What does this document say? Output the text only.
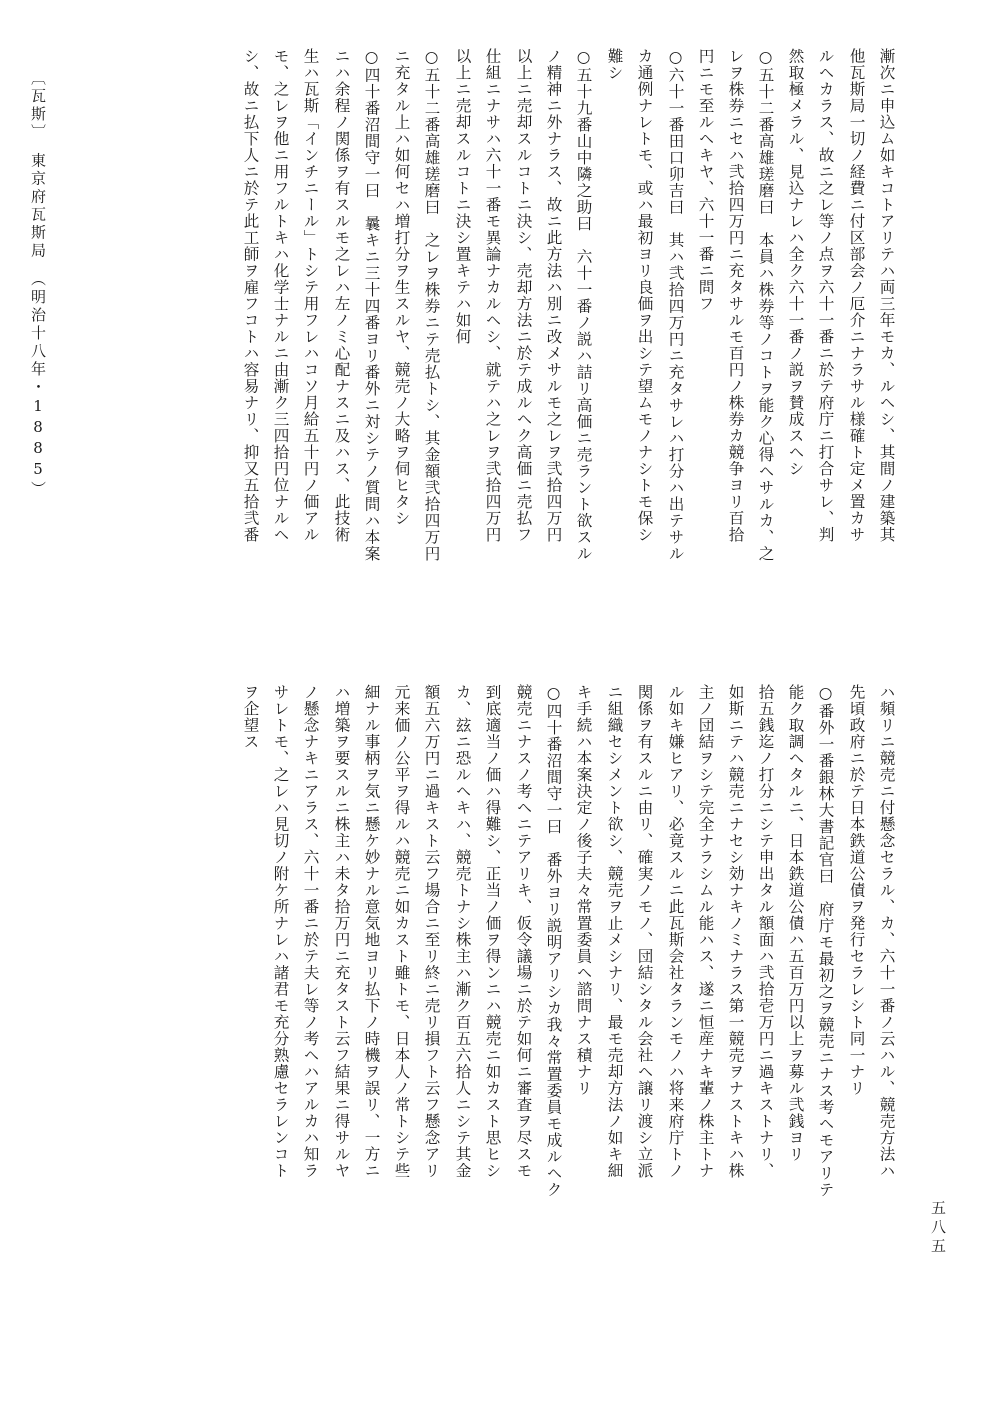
漸次ニ申込ム如キコトアリテハ両三年モカ、ルヘシ、其間ノ建築其
他瓦斯局一切ノ経費ニ付区部会ノ厄介ニナラサル様確ト定メ置カサ
ルヘカラス、故ニ之レ等ノ点ヲ六十一番ニ於テ府庁ニ打合サレ、判
然取極メラル、見込ナレハ全ク六十一番ノ説ヲ賛成スヘシ
○五十二番高雄瑳磨曰　本員ハ株券等ノコトヲ能ク心得ヘサルカ、之
レヲ株券ニセハ弐拾四万円ニ充タサルモ百円ノ株券カ競争ヨリ百拾
円ニモ至ルヘキヤ、六十一番ニ問フ
○六十一番田口卯吉曰　其ハ弐拾四万円ニ充タサレハ打分ハ出テサル
カ通例ナレトモ、或ハ最初ヨリ良価ヲ出シテ望ムモノナシトモ保シ
難シ
○五十九番山中隣之助曰　六十一番ノ説ハ詰リ高価ニ売ラント欲スル
ノ精神ニ外ナラス、故ニ此方法ハ別ニ改メサルモ之レヲ弐拾四万円
以上ニ売却スルコトニ決シ、売却方法ニ於テ成ルヘク高価ニ売払フ
仕組ニナサハ六十一番モ異論ナカルヘシ、就テハ之レヲ弐拾四万円
以上ニ売却スルコトニ決シ置キテハ如何
○五十二番高雄瑳磨曰　之レヲ株券ニテ売払トシ、其金額弐拾四万円
ニ充タル上ハ如何セハ増打分ヲ生スルヤ、競売ノ大略ヲ伺ヒタシ
○四十番沼間守一曰　曩キニ三十四番ヨリ番外ニ対シテノ質問ハ本案
ニハ余程ノ関係ヲ有スルモ之レハ左ノミ心配ナスニ及ハス、此技術
生ハ瓦斯「インチニール」トシテ用フレハコソ月給五十円ノ価アル
モ、之レヲ他ニ用フルトキハ化学士ナルニ由漸ク三四拾円位ナルヘ
シ、故ニ払下人ニ於テ此工師ヲ雇フコトハ容易ナリ、抑又五拾弐番
〔瓦斯〕　東京府瓦斯局　（明治十八年・1885）
ハ頻リニ競売ニ付懸念セラル、カ、六十一番ノ云ハル、競売方法ハ
先頃政府ニ於テ日本鉄道公債ヲ発行セラレシト同一ナリ
○番外一番銀林大書記官曰　府庁モ最初之ヲ競売ニナス考ヘモアリテ
能ク取調ヘタルニ、日本鉄道公債ハ五百万円以上ヲ募ル弐銭ヨリ
拾五銭迄ノ打分ニシテ申出タル額面ハ弐拾壱万円ニ過キストナリ、
如斯ニテハ競売ニナセシ効ナキノミナラス第一競売ヲナストキハ株
主ノ団結ヲシテ完全ナラシムル能ハス、遂ニ恒産ナキ輩ノ株主トナ
ル如キ嫌ヒアリ、必竟スルニ此瓦斯会社タランモノハ将来府庁トノ
関係ヲ有スルニ由リ、確実ノモノ、団結シタル会社ヘ譲リ渡シ立派
ニ組織セシメント欲シ、競売ヲ止メシナリ、最モ売却方法ノ如キ細
キ手続ハ本案決定ノ後子夫々常置委員ヘ諮問ナス積ナリ
○四十番沼間守一曰　番外ヨリ説明アリシカ我々常置委員モ成ルヘク
競売ニナスノ考ヘニテアリキ、仮令議場ニ於テ如何ニ審査ヲ尽スモ
到底適当ノ価ハ得難シ、正当ノ価ヲ得ンニハ競売ニ如カスト思ヒシ
カ、玆ニ恐ルヘキハ、競売トナシ株主ハ漸ク百五六拾人ニシテ其金
額五六万円ニ過キスト云フ場合ニ至リ終ニ売リ損フト云フ懸念アリ
元来価ノ公平ヲ得ルハ競売ニ如カスト雖トモ、日本人ノ常トシテ些
細ナル事柄ヲ気ニ懸ケ妙ナル意気地ヨリ払下ノ時機ヲ誤リ、一方ニ
ハ増築ヲ要スルニ株主ハ未タ拾万円ニ充タスト云フ結果ニ得サルヤ
ノ懸念ナキニアラス、六十一番ニ於テ夫レ等ノ考ヘハアルカハ知ラ
サレトモ、之レハ見切ノ附ケ所ナレハ諸君モ充分熟慮セラレンコト
ヲ企望ス
五八五
